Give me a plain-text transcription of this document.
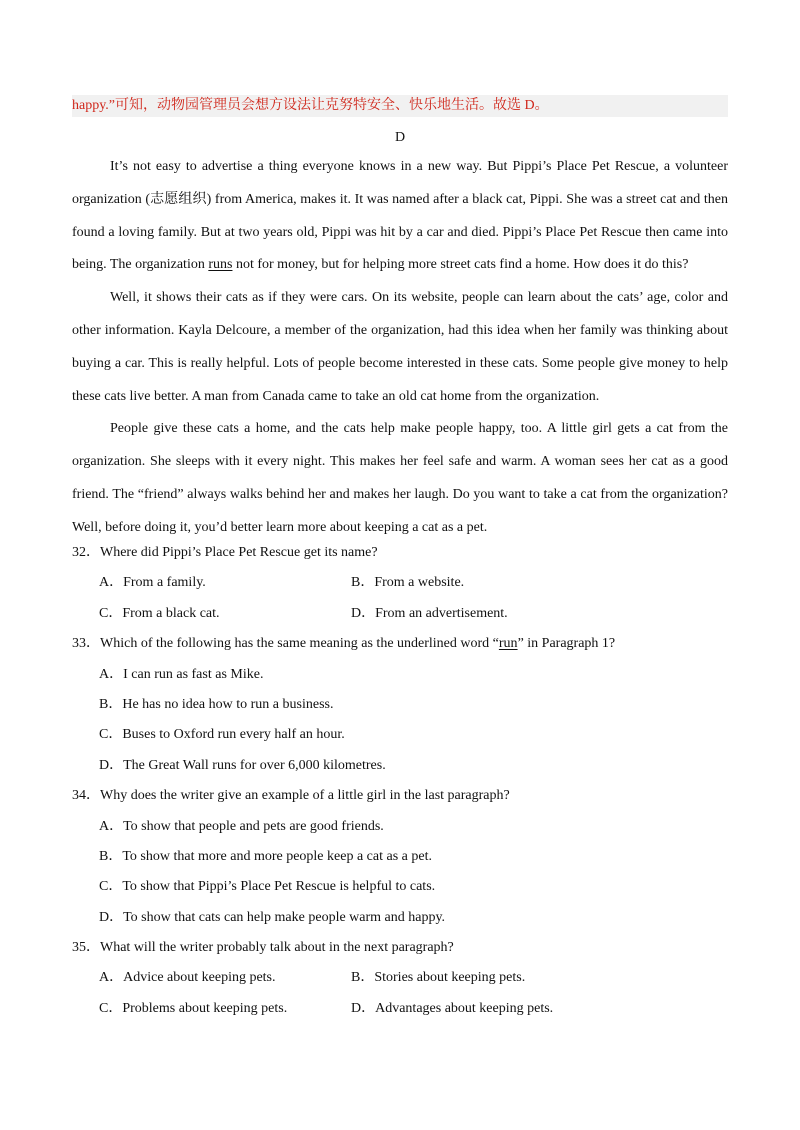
happy.”可知，动物园管理员会想方设法让克努特安全、快乐地生活。故选 D。
D

It’s not easy to advertise a thing everyone knows in a new way. But Pippi’s Place Pet Rescue, a volunteer organization (志愿组织) from America, makes it. It was named after a black cat, Pippi. She was a street cat and then found a loving family. But at two years old, Pippi was hit by a car and died. Pippi’s Place Pet Rescue then came into being. The organization runs not for money, but for helping more street cats find a home. How does it do this?

Well, it shows their cats as if they were cars. On its website, people can learn about the cats’ age, color and other information. Kayla Delcoure, a member of the organization, had this idea when her family was thinking about buying a car. This is really helpful. Lots of people become interested in these cats. Some people give money to help these cats live better. A man from Canada came to take an old cat home from the organization.

People give these cats a home, and the cats help make people happy, too. A little girl gets a cat from the organization. She sleeps with it every night. This makes her feel safe and warm. A woman sees her cat as a good friend. The “friend” always walks behind her and makes her laugh. Do you want to take a cat from the organization? Well, before doing it, you’d better learn more about keeping a cat as a pet.

32．Where did Pippi’s Place Pet Rescue get its name?
A．From a family.	B．From a website.
C．From a black cat.	D．From an advertisement.
33．Which of the following has the same meaning as the underlined word “run” in Paragraph 1?
A．I can run as fast as Mike.
B．He has no idea how to run a business.
C．Buses to Oxford run every half an hour.
D．The Great Wall runs for over 6,000 kilometres.
34．Why does the writer give an example of a little girl in the last paragraph?
A．To show that people and pets are good friends.
B．To show that more and more people keep a cat as a pet.
C．To show that Pippi’s Place Pet Rescue is helpful to cats.
D．To show that cats can help make people warm and happy.
35．What will the writer probably talk about in the next paragraph?
A．Advice about keeping pets.	B．Stories about keeping pets.
C．Problems about keeping pets.	D．Advantages about keeping pets.
